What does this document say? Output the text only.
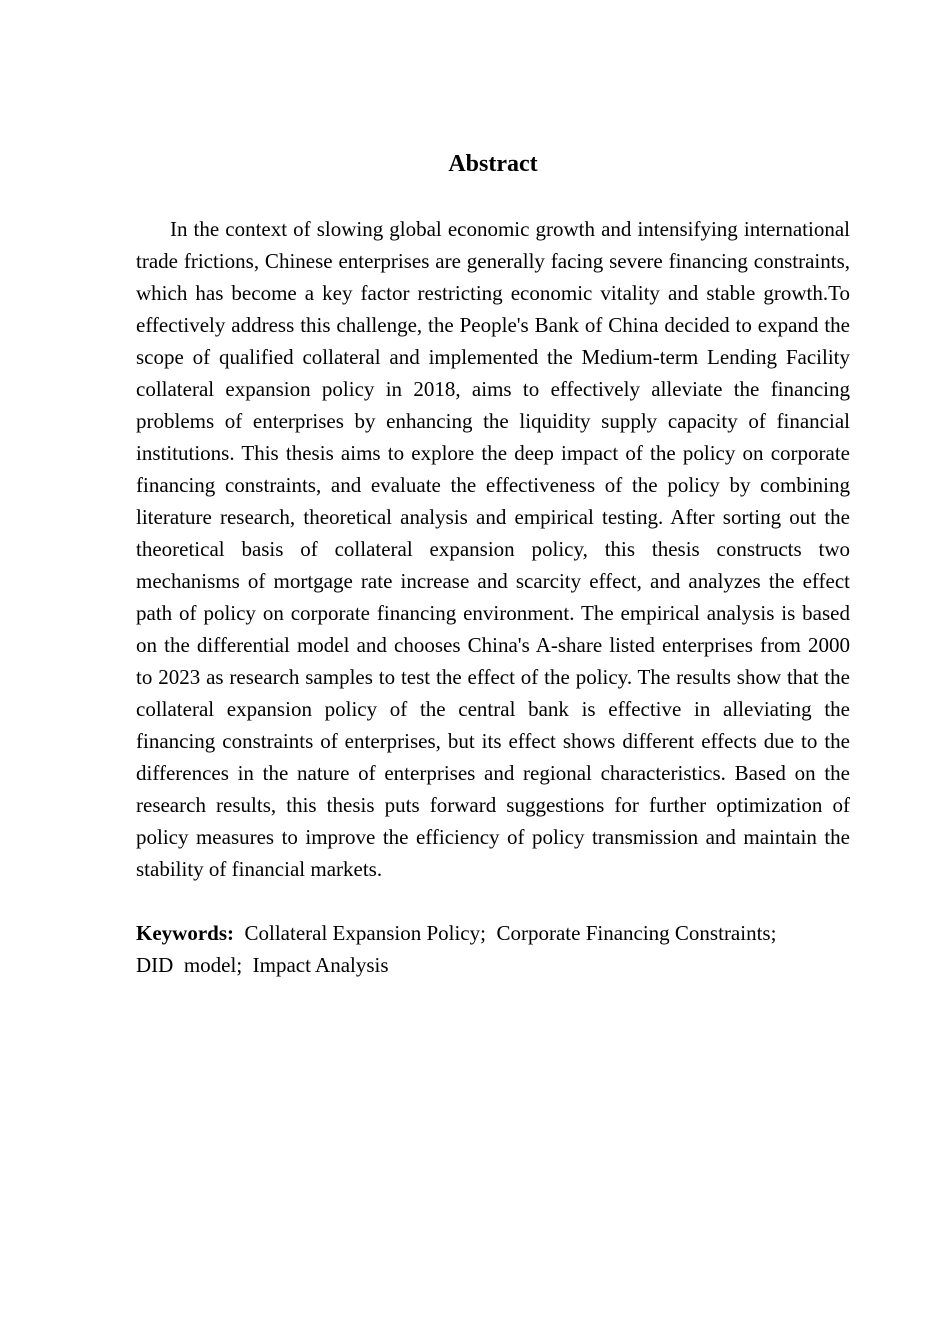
Abstract

In the context of slowing global economic growth and intensifying international trade frictions, Chinese enterprises are generally facing severe financing constraints, which has become a key factor restricting economic vitality and stable growth.To effectively address this challenge, the People's Bank of China decided to expand the scope of qualified collateral and implemented the Medium-term Lending Facility collateral expansion policy in 2018, aims to effectively alleviate the financing problems of enterprises by enhancing the liquidity supply capacity of financial institutions. This thesis aims to explore the deep impact of the policy on corporate financing constraints, and evaluate the effectiveness of the policy by combining literature research, theoretical analysis and empirical testing. After sorting out the theoretical basis of collateral expansion policy, this thesis constructs two mechanisms of mortgage rate increase and scarcity effect, and analyzes the effect path of policy on corporate financing environment. The empirical analysis is based on the differential model and chooses China's A-share listed enterprises from 2000 to 2023 as research samples to test the effect of the policy. The results show that the collateral expansion policy of the central bank is effective in alleviating the financing constraints of enterprises, but its effect shows different effects due to the differences in the nature of enterprises and regional characteristics. Based on the research results, this thesis puts forward suggestions for further optimization of policy measures to improve the efficiency of policy transmission and maintain the stability of financial markets.

Keywords: Collateral Expansion Policy; Corporate Financing Constraints;
DID  model; Impact Analysis
